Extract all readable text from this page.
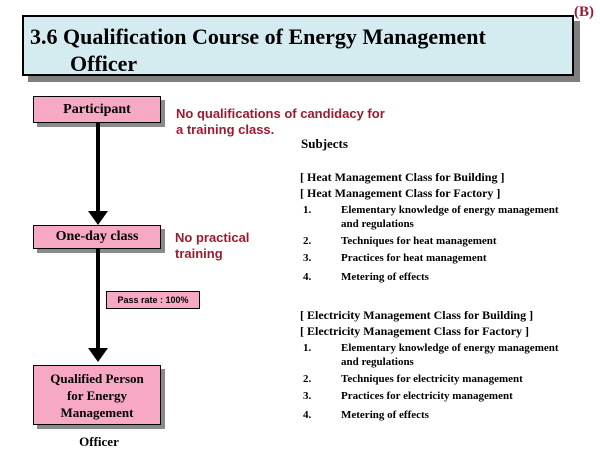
(B)
3.6 Qualification Course of Energy Management
Officer
Participant	No qualifications of candidacy for
a training class.
One-day class	No practical
training
Pass rate : 100%
Qualified Person
for Energy
Management
Officer
Subjects
[ Heat Management Class for Building ]
[ Heat Management Class for Factory ]
1.	Elementary knowledge of energy management
and regulations
2.	Techniques for heat management
3.	Practices for heat management
4.	Metering of effects
[ Electricity Management Class for Building ]
[ Electricity Management Class for Factory ]
1.	Elementary knowledge of energy management
and regulations
2.	Techniques for electricity management
3.	Practices for electricity management
4.	Metering of effects
